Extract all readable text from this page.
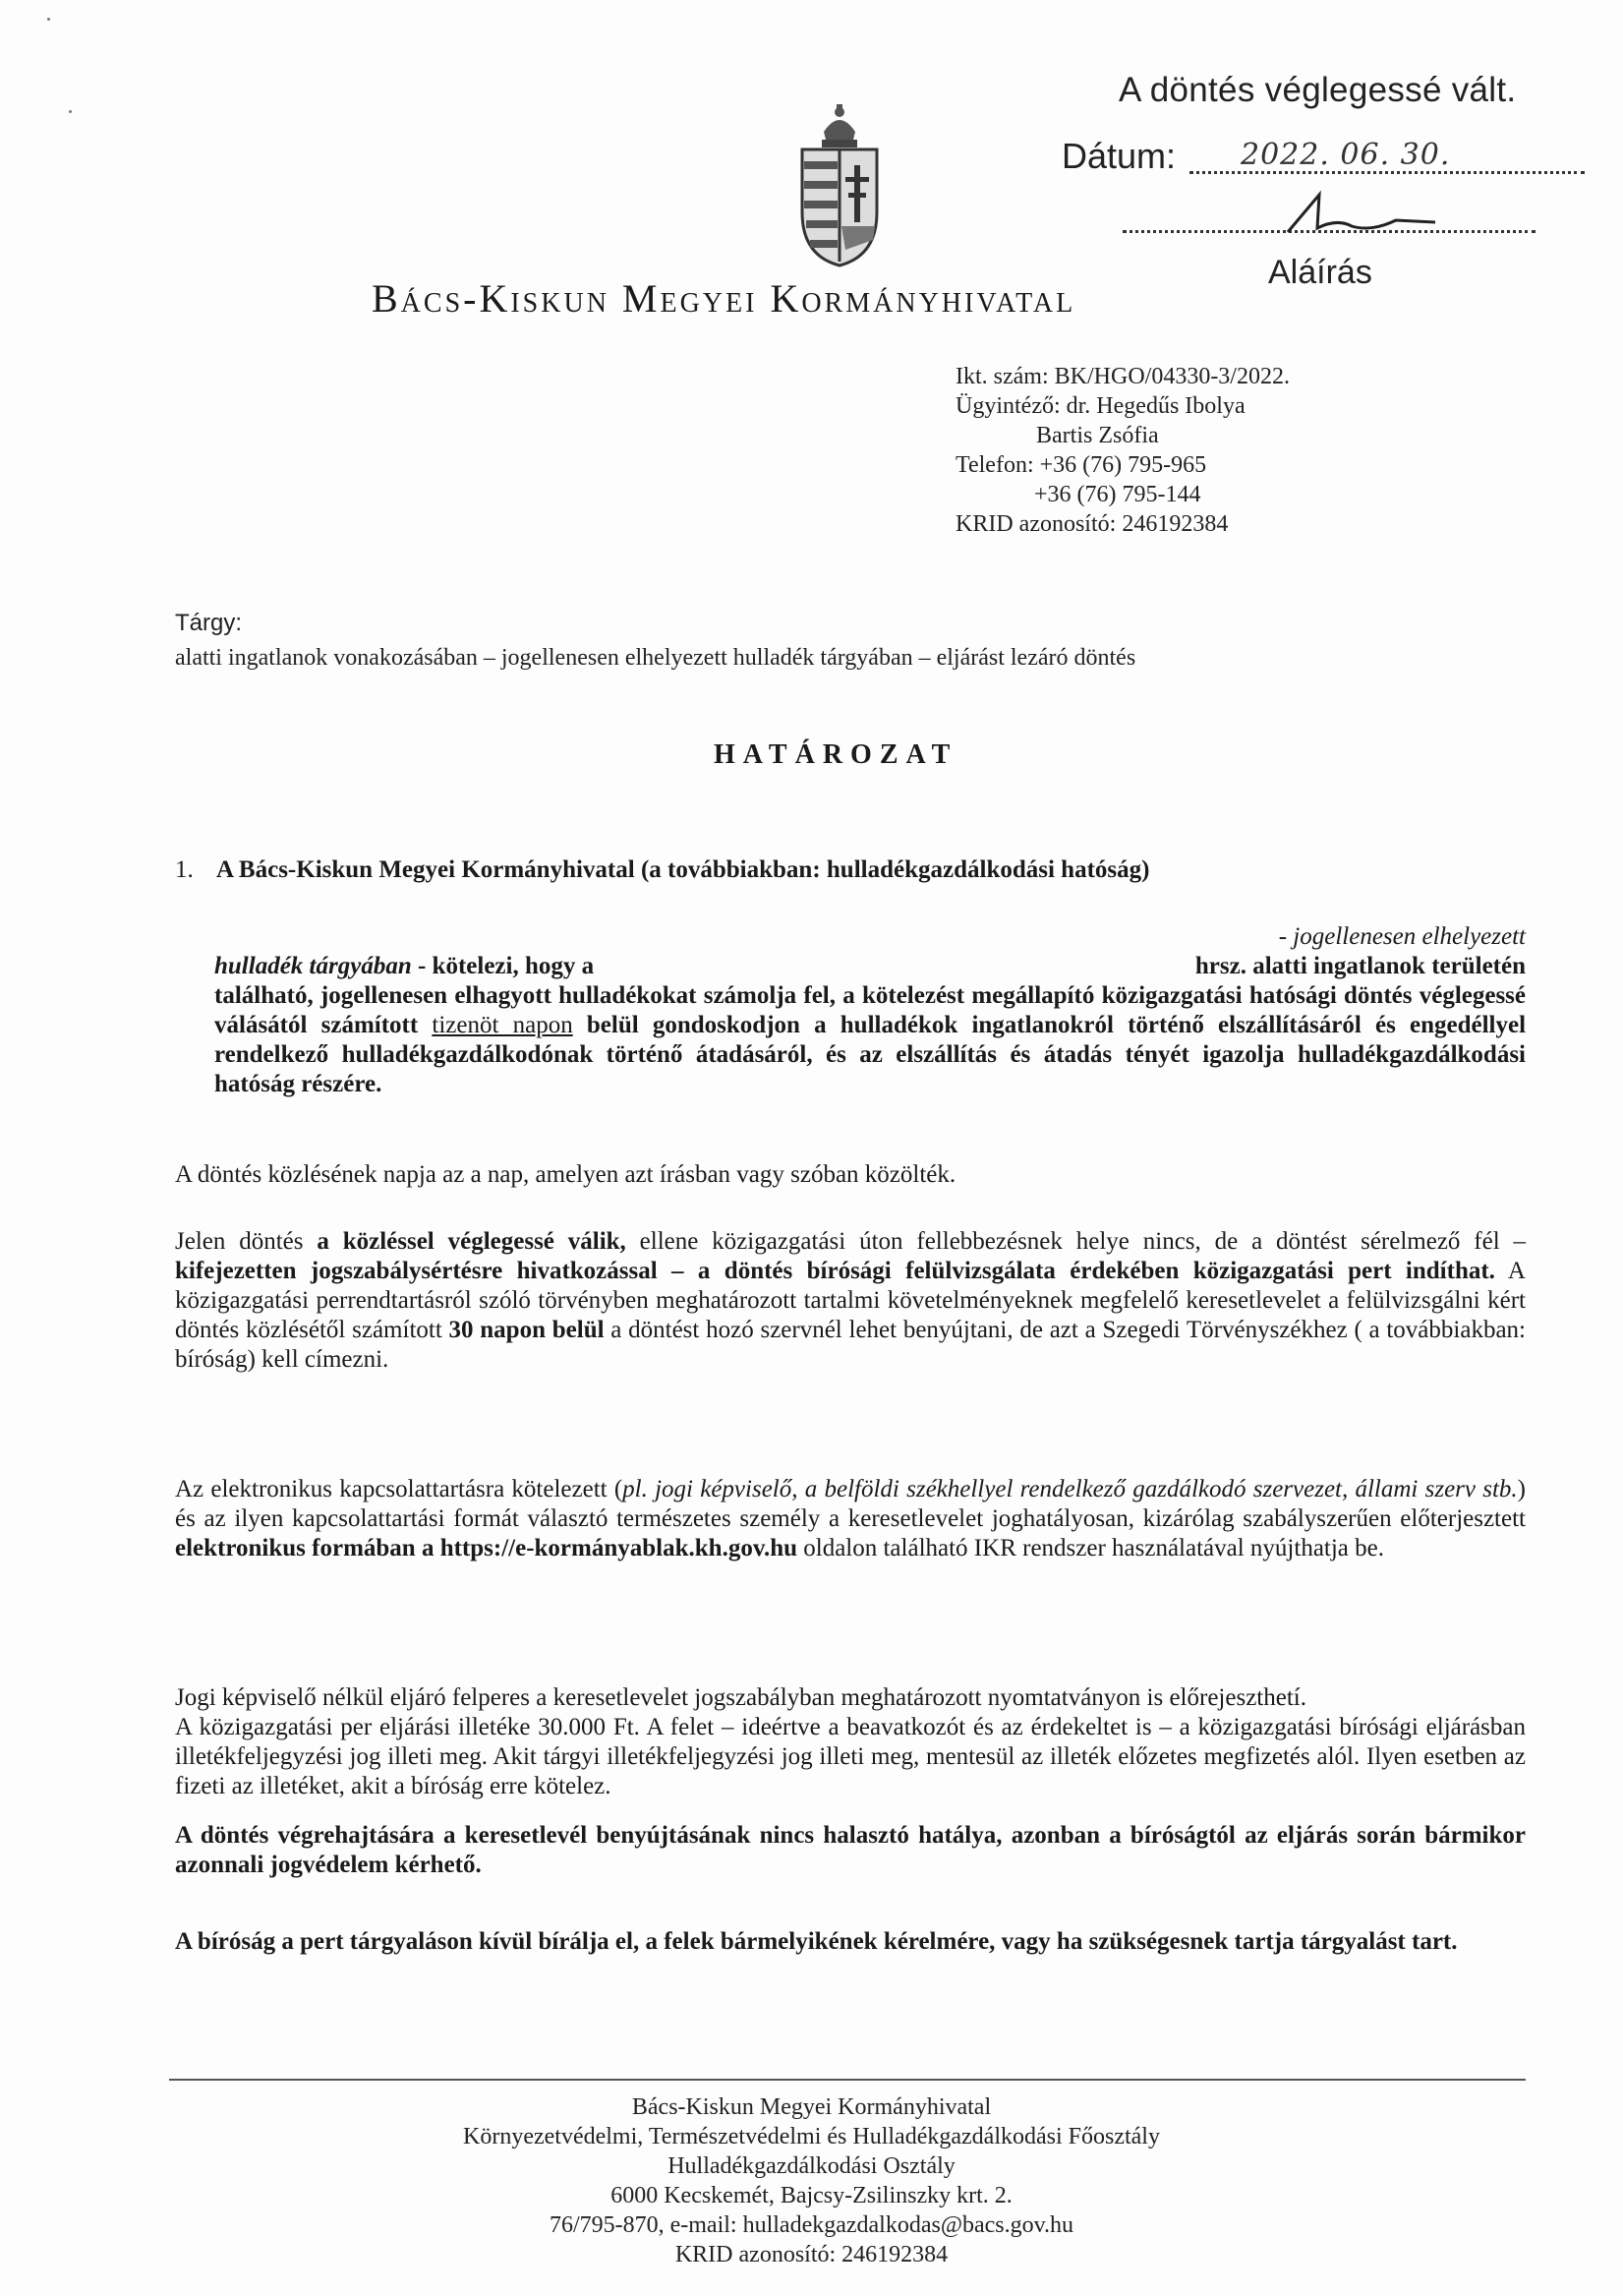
A döntés véglegessé vált.
Dátum: 2022. 06. 30.
Aláírás
Bács-Kiskun Megyei Kormányhivatal
Ikt. szám: BK/HGO/04330-3/2022.
Ügyintéző: dr. Hegedűs Ibolya
Bartis Zsófia
Telefon: +36 (76) 795-965
+36 (76) 795-144
KRID azonosító: 246192384
Tárgy:
alatti ingatlanok vonakozásában – jogellenesen elhelyezett hulladék tárgyában – eljárást lezáró döntés
HATÁROZAT
1. A Bács-Kiskun Megyei Kormányhivatal (a továbbiakban: hulladékgazdálkodási hatóság)
- jogellenesen elhelyezett
hulladék tárgyában - kötelezi, hogy a	hrsz. alatti ingatlanok területén
található, jogellenesen elhagyott hulladékokat számolja fel, a kötelezést megállapító közigazgatási hatósági döntés véglegessé válásától számított tizenöt napon belül gondoskodjon a hulladékok ingatlanokról történő elszállításáról és engedéllyel rendelkező hulladékgazdálkodónak történő átadásáról, és az elszállítás és átadás tényét igazolja hulladékgazdálkodási hatóság részére.
A döntés közlésének napja az a nap, amelyen azt írásban vagy szóban közölték.
Jelen döntés a közléssel véglegessé válik, ellene közigazgatási úton fellebbezésnek helye nincs, de a döntést sérelmező fél – kifejezetten jogszabálysértésre hivatkozással – a döntés bírósági felülvizsgálata érdekében közigazgatási pert indíthat. A közigazgatási perrendtartásról szóló törvényben meghatározott tartalmi követelményeknek megfelelő keresetlevelet a felülvizsgálni kért döntés közlésétől számított 30 napon belül a döntést hozó szervnél lehet benyújtani, de azt a Szegedi Törvényszékhez ( a továbbiakban: bíróság) kell címezni.
Az elektronikus kapcsolattartásra kötelezett (pl. jogi képviselő, a belföldi székhellyel rendelkező gazdálkodó szervezet, állami szerv stb.) és az ilyen kapcsolattartási formát választó természetes személy a keresetlevelet joghatályosan, kizárólag szabályszerűen előterjesztett elektronikus formában a https://e-kormányablak.kh.gov.hu oldalon található IKR rendszer használatával nyújthatja be.
Jogi képviselő nélkül eljáró felperes a keresetlevelet jogszabályban meghatározott nyomtatványon is előrejeszthetí.
A közigazgatási per eljárási illetéke 30.000 Ft. A felet – ideértve a beavatkozót és az érdekeltet is – a közigazgatási bírósági eljárásban illetékfeljegyzési jog illeti meg. Akit tárgyi illetékfeljegyzési jog illeti meg, mentesül az illeték előzetes megfizetés alól. Ilyen esetben az fizeti az illetéket, akit a bíróság erre kötelez.
A döntés végrehajtására a keresetlevél benyújtásának nincs halasztó hatálya, azonban a bíróságtól az eljárás során bármikor azonnali jogvédelem kérhető.
A bíróság a pert tárgyaláson kívül bírálja el, a felek bármelyikének kérelmére, vagy ha szükségesnek tartja tárgyalást tart.
Bács-Kiskun Megyei Kormányhivatal
Környezetvédelmi, Természetvédelmi és Hulladékgazdálkodási Főosztály
Hulladékgazdálkodási Osztály
6000 Kecskemét, Bajcsy-Zsilinszky krt. 2.
76/795-870, e-mail: hulladekgazdalkodas@bacs.gov.hu
KRID azonosító: 246192384
